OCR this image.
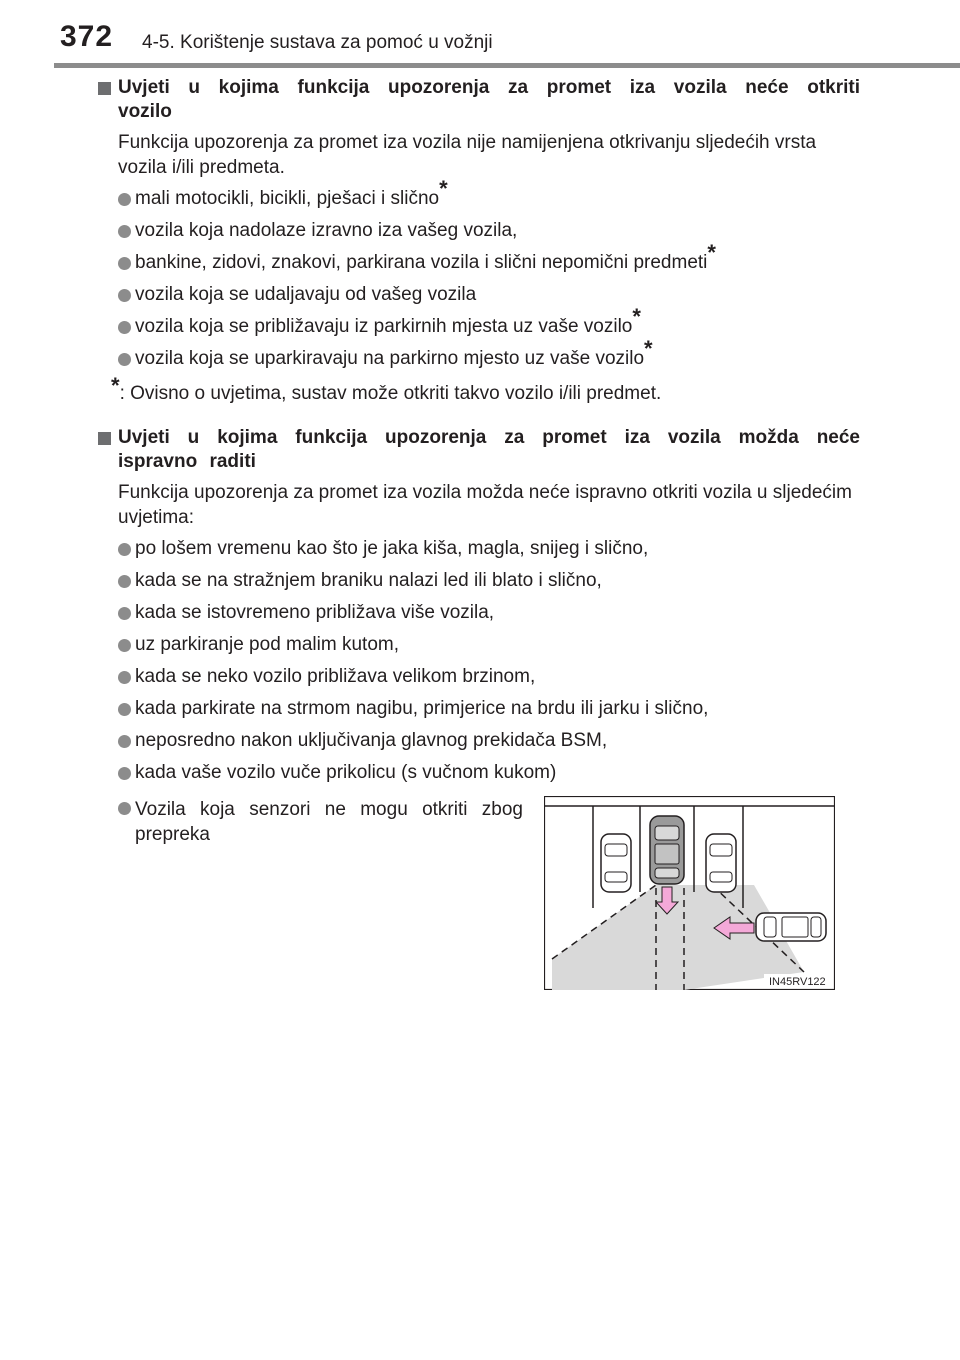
372 4-5. Korištenje sustava za pomoć u vožnji
Uvjeti u kojima funkcija upozorenja za promet iza vozila neće otkriti vozilo
Funkcija upozorenja za promet iza vozila nije namijenjena otkrivanju sljedećih vrsta vozila i/ili predmeta.
mali motocikli, bicikli, pješaci i slično*
vozila koja nadolaze izravno iza vašeg vozila,
bankine, zidovi, znakovi, parkirana vozila i slični nepomični predmeti*
vozila koja se udaljavaju od vašeg vozila
vozila koja se približavaju iz parkirnih mjesta uz vaše vozilo*
vozila koja se uparkiravaju na parkirno mjesto uz vaše vozilo*
*: Ovisno o uvjetima, sustav može otkriti takvo vozilo i/ili predmet.
Uvjeti u kojima funkcija upozorenja za promet iza vozila možda neće ispravno raditi
Funkcija upozorenja za promet iza vozila možda neće ispravno otkriti vozila u sljedećim uvjetima:
po lošem vremenu kao što je jaka kiša, magla, snijeg i slično,
kada se na stražnjem braniku nalazi led ili blato i slično,
kada se istovremeno približava više vozila,
uz parkiranje pod malim kutom,
kada se neko vozilo približava velikom brzinom,
kada parkirate na strmom nagibu, primjerice na brdu ili jarku i slično,
neposredno nakon uključivanja glavnog prekidača BSM,
kada vaše vozilo vuče prikolicu (s vučnom kukom)
Vozila koja senzori ne mogu otkriti zbog prepreka
IN45RV122
